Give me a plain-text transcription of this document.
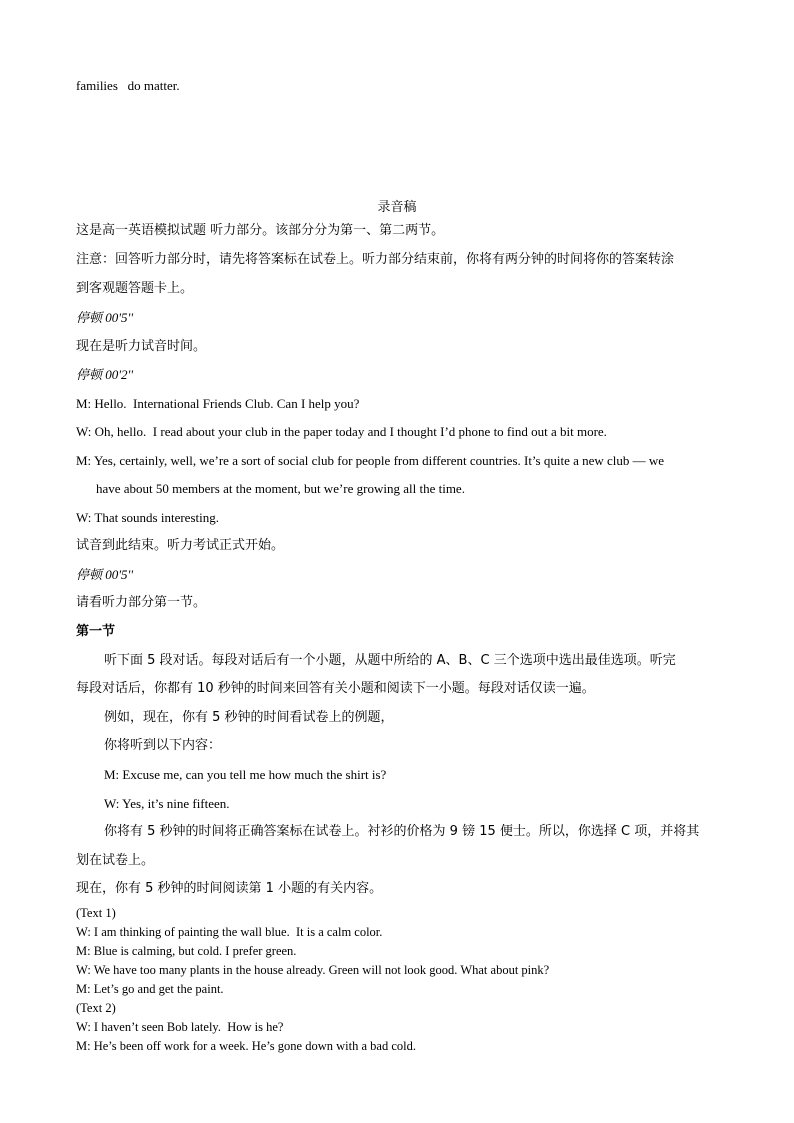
families   do matter.
录音稿
这是高一英语模拟试题 听力部分。该部分分为第一、第二两节。
注意：回答听力部分时，请先将答案标在试卷上。听力部分结束前，你将有两分钟的时间将你的答案转涂
到客观题答题卡上。
停顿 00'5''
现在是听力试音时间。
停顿 00'2''
M: Hello.  International Friends Club. Can I help you?
W: Oh, hello.  I read about your club in the paper today and I thought I’d phone to find out a bit more.
M: Yes, certainly, well, we’re a sort of social club for people from different countries. It’s quite a new club — we
have about 50 members at the moment, but we’re growing all the time.
W: That sounds interesting.
试音到此结束。听力考试正式开始。
停顿 00'5''
请看听力部分第一节。
第一节
听下面 5 段对话。每段对话后有一个小题，从题中所给的 A、B、C 三个选项中选出最佳选项。听完
每段对话后，你都有 10 秒钟的时间来回答有关小题和阅读下一小题。每段对话仅读一遍。
例如，现在，你有 5 秒钟的时间看试卷上的例题，
你将听到以下内容：
M: Excuse me, can you tell me how much the shirt is?
W: Yes, it’s nine fifteen.
你将有 5 秒钟的时间将正确答案标在试卷上。衬衫的价格为 9 镑 15 便士。所以，你选择 C 项，并将其
划在试卷上。
现在，你有 5 秒钟的时间阅读第 1 小题的有关内容。
(Text 1)
W: I am thinking of painting the wall blue.  It is a calm color.
M: Blue is calming, but cold. I prefer green.
W: We have too many plants in the house already. Green will not look good. What about pink?
M: Let’s go and get the paint.
(Text 2)
W: I haven’t seen Bob lately.  How is he?
M: He’s been off work for a week. He’s gone down with a bad cold.
